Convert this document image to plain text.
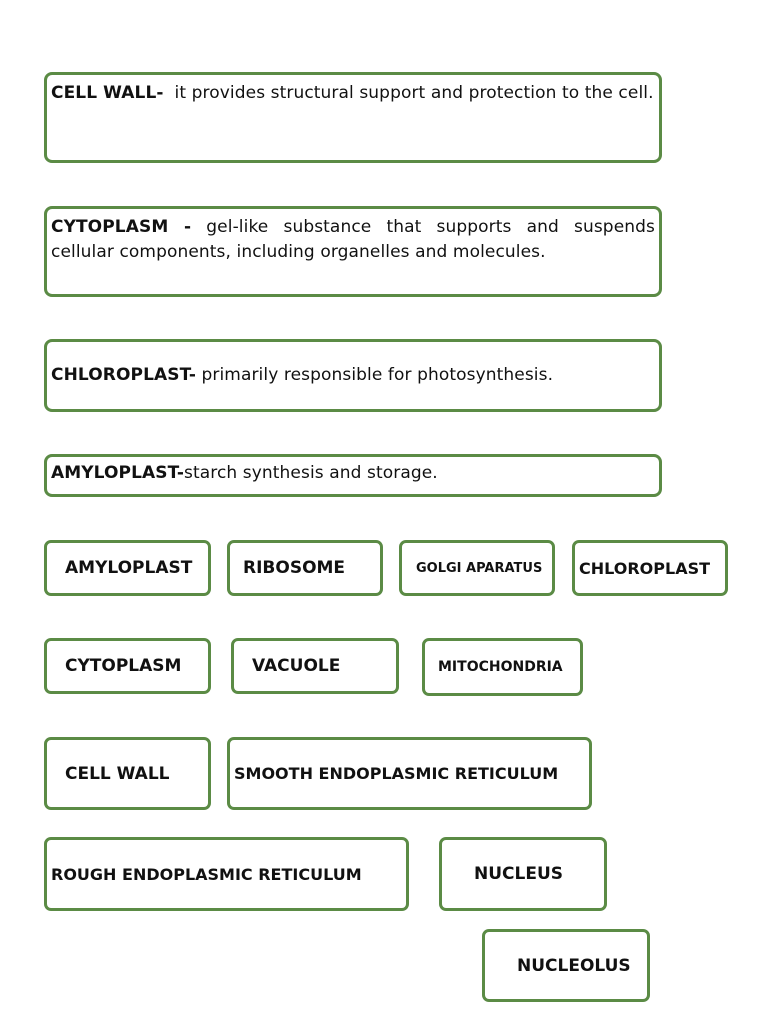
CELL WALL-  it provides structural support and protection to the cell.
CYTOPLASM - gel-like substance that supports and suspends cellular components, including organelles and molecules.
CHLOROPLAST- primarily responsible for photosynthesis.
AMYLOPLAST-starch synthesis and storage.
AMYLOPLAST	RIBOSOME	GOLGI APARATUS CHLOROPLAST
CYTOPLASM	VACUOLE	MITOCHONDRIA
CELL WALL	SMOOTH ENDOPLASMIC RETICULUM
ROUGH ENDOPLASMIC RETICULUM	NUCLEUS
NUCLEOLUS
